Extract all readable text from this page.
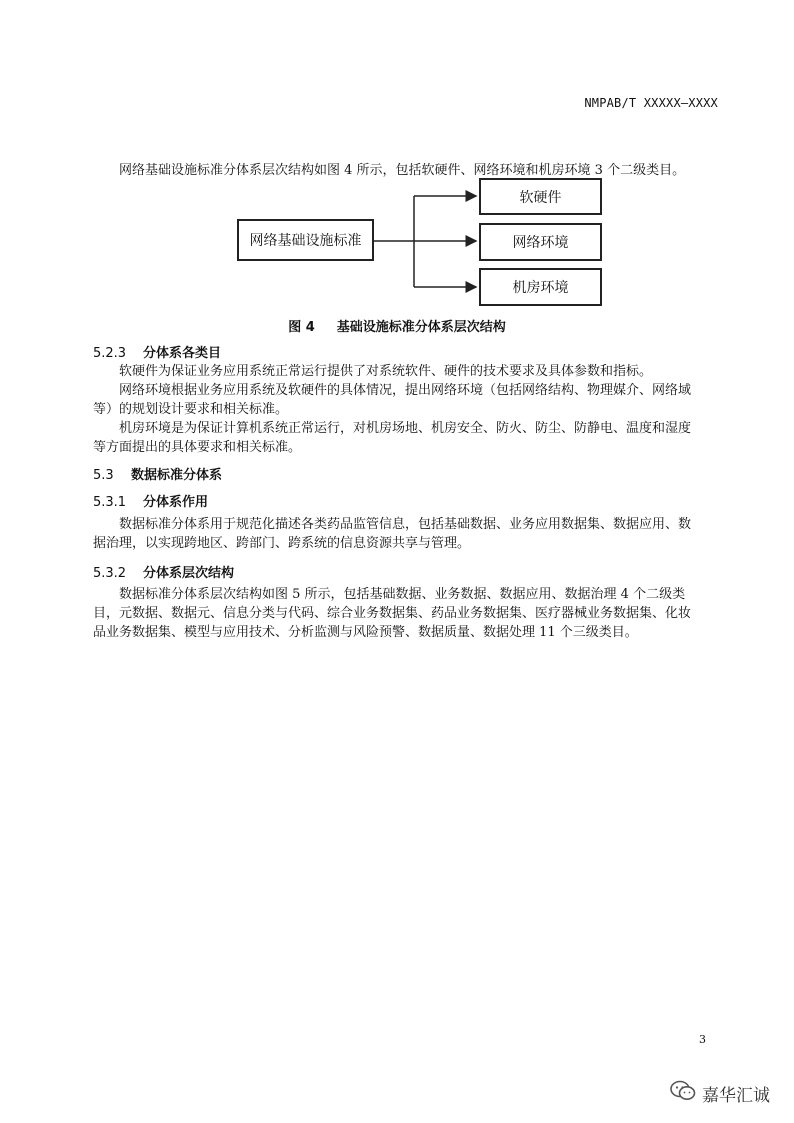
NMPAB/T XXXXX—XXXX

网络基础设施标准分体系层次结构如图 4 所示，包括软硬件、网络环境和机房环境 3 个二级类目。

网络基础设施标准
软硬件
网络环境
机房环境
图 4 基础设施标准分体系层次结构
5.2.3 分体系各类目

软硬件为保证业务应用系统正常运行提供了对系统软件、硬件的技术要求及具体参数和指标。

网络环境根据业务应用系统及软硬件的具体情况，提出网络环境（包括网络结构、物理媒介、网络域等）的规划设计要求和相关标准。

机房环境是为保证计算机系统正常运行，对机房场地、机房安全、防火、防尘、防静电、温度和湿度等方面提出的具体要求和相关标准。

5.3 数据标准分体系
5.3.1 分体系作用

数据标准分体系用于规范化描述各类药品监管信息，包括基础数据、业务应用数据集、数据应用、数据治理，以实现跨地区、跨部门、跨系统的信息资源共享与管理。

5.3.2 分体系层次结构

数据标准分体系层次结构如图 5 所示，包括基础数据、业务数据、数据应用、数据治理 4 个二级类目，元数据、数据元、信息分类与代码、综合业务数据集、药品业务数据集、医疗器械业务数据集、化妆品业务数据集、模型与应用技术、分析监测与风险预警、数据质量、数据处理 11 个三级类目。

3
嘉华汇诚
